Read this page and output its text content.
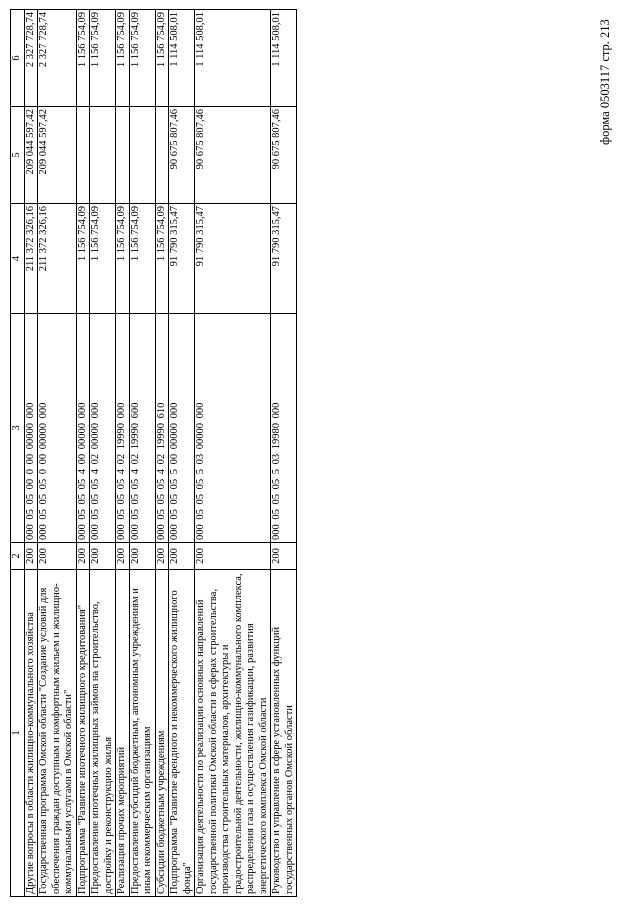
форма 0503117 стр. 213
1	2	3	4	5	6
Другие вопросы в области жилищно-коммунального хозяйства	200	000 05 05 00 0 00 00000 000	211 372 326,16	209 044 597,42	2 327 728,74
Государственная программа Омской области "Создание условий для обеспечения граждан доступным и комфортным жильем и жилищно-коммунальными услугами в Омской области"	200	000 05 05 05 0 00 00000 000	211 372 326,16	209 044 597,42	2 327 728,74
Подпрограмма "Развитие ипотечного жилищного кредитования"	200	000 05 05 05 4 00 00000 000	1 156 754,09		1 156 754,09
Предоставление ипотечных жилищных займов на строительство, достройку и реконструкцию жилья	200	000 05 05 05 4 02 00000 000	1 156 754,09		1 156 754,09
Реализация прочих мероприятий	200	000 05 05 05 4 02 19990 000	1 156 754,09		1 156 754,09
Предоставление субсидий бюджетным, автономным учреждениям и иным некоммерческим организациям	200	000 05 05 05 4 02 19990 600	1 156 754,09		1 156 754,09
Субсидии бюджетным учреждениям	200	000 05 05 05 4 02 19990 610	1 156 754,09		1 156 754,09
Подпрограмма "Развитие арендного и некоммерческого жилищного фонда"	200	000 05 05 05 5 00 00000 000	91 790 315,47	90 675 807,46	1 114 508,01
Организация деятельности по реализации основных направлений государственной политики Омской области в сферах строительства, производства строительных материалов, архитектуры и градостроительной деятельности, жилищно-коммунального комплекса, распределения газа и осуществления газификации, развития энергетического комплекса Омской области	200	000 05 05 05 5 03 00000 000	91 790 315,47	90 675 807,46	1 114 508,01
Руководство и управление в сфере установленных функций государственных органов Омской области	200	000 05 05 05 5 03 19980 000	91 790 315,47	90 675 807,46	1 114 508,01
